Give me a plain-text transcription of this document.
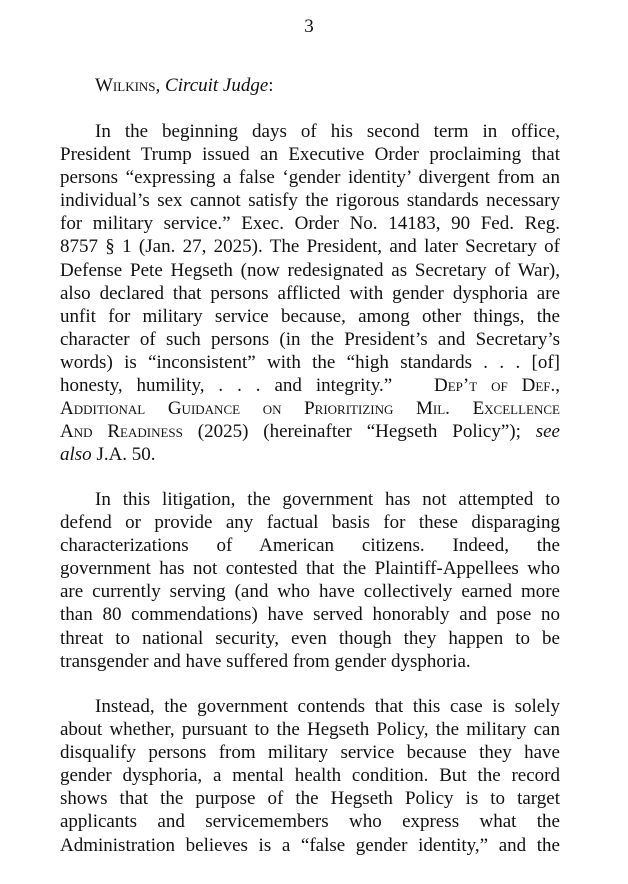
3
Wilkins, Circuit Judge:
In the beginning days of his second term in office,
President Trump issued an Executive Order proclaiming that
persons “expressing a false ‘gender identity’ divergent from an
individual’s sex cannot satisfy the rigorous standards necessary
for military service.” Exec. Order No. 14183, 90 Fed. Reg.
8757 § 1 (Jan. 27, 2025). The President, and later Secretary of
Defense Pete Hegseth (now redesignated as Secretary of War),
also declared that persons afflicted with gender dysphoria are
unfit for military service because, among other things, the
character of such persons (in the President’s and Secretary’s
words) is “inconsistent” with the “high standards . . . [of]
honesty, humility, . . . and integrity.” Dep’t of Def.,
Additional Guidance on Prioritizing Mil. Excellence
And Readiness (2025) (hereinafter “Hegseth Policy”); see
also J.A. 50.
In this litigation, the government has not attempted to
defend or provide any factual basis for these disparaging
characterizations of American citizens. Indeed, the
government has not contested that the Plaintiff-Appellees who
are currently serving (and who have collectively earned more
than 80 commendations) have served honorably and pose no
threat to national security, even though they happen to be
transgender and have suffered from gender dysphoria.
Instead, the government contends that this case is solely
about whether, pursuant to the Hegseth Policy, the military can
disqualify persons from military service because they have
gender dysphoria, a mental health condition. But the record
shows that the purpose of the Hegseth Policy is to target
applicants and servicemembers who express what the
Administration believes is a “false gender identity,” and the
